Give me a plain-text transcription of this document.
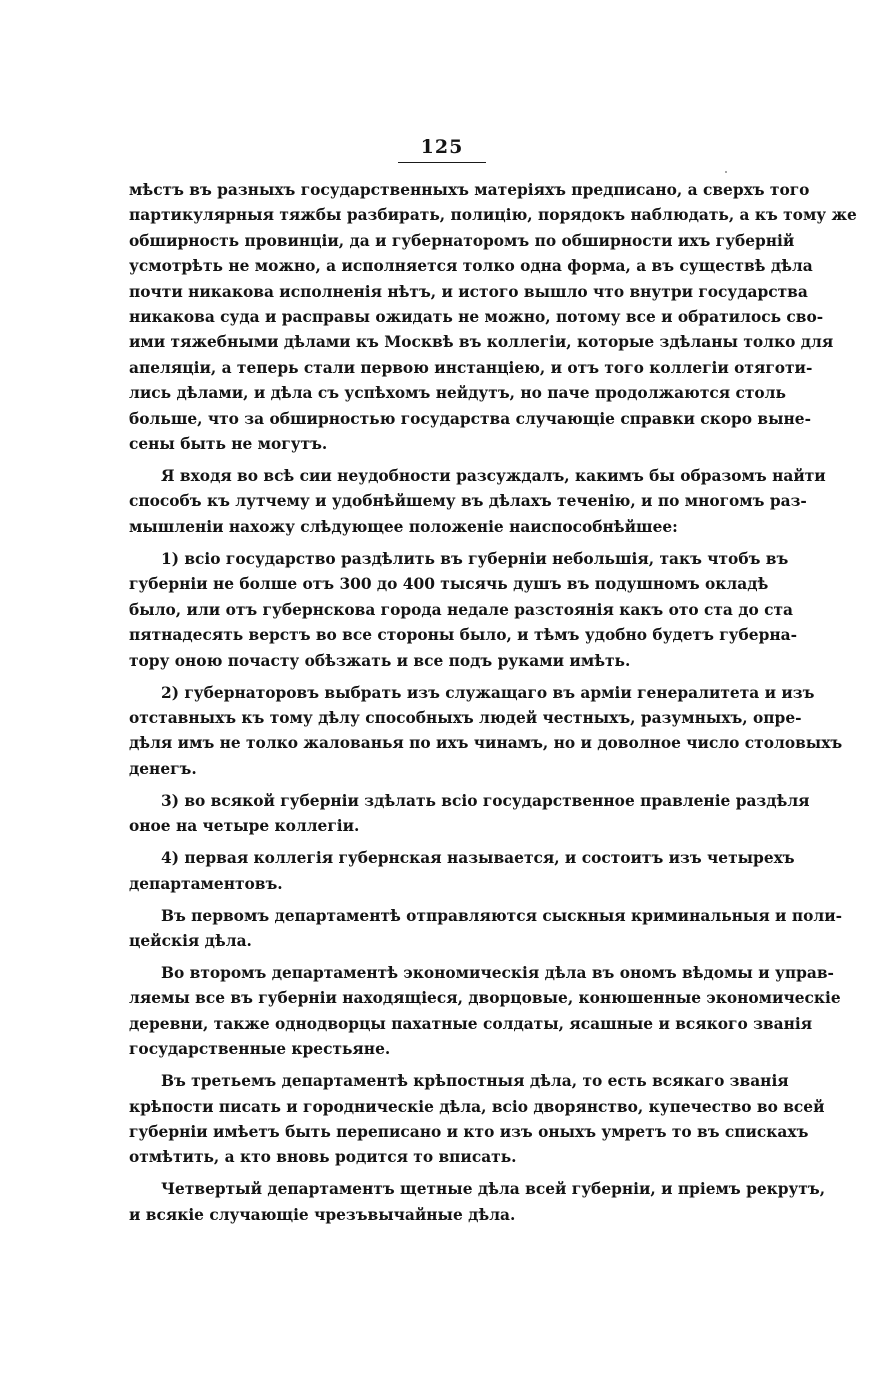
125

мѣстъ въ разныхъ государственныхъ матеріяхъ предписано, а сверхъ того
партикулярныя тяжбы разбирать, полицію, порядокъ наблюдать, а къ тому же
обширность провинціи, да и губернаторомъ по обширности ихъ губерній
усмотрѣть не можно, а исполняется толко одна форма, а въ существѣ дѣла
почти никакова исполненія нѣтъ, и истого вышло что внутри государства
никакова суда и расправы ожидать не можно, потому все и обратилось сво-
ими тяжебными дѣлами къ Москвѣ въ коллегіи, которые здѣланы толко для
апеляціи, а теперь стали первою инстанціею, и отъ того коллегіи отяготи-
лись дѣлами, и дѣла съ успѣхомъ нейдутъ, но паче продолжаются столь
больше, что за обширностью государства случающіе справки скоро вынe-
сены быть не могутъ.

Я входя во всѣ сии неудобности разсуждалъ, какимъ бы образомъ найти
способъ къ лутчему и удобнѣйшему въ дѣлахъ теченію, и по многомъ раз-
мышленіи нахожу слѣдующее положеніе наиспособнѣйшее:

1) всіо государство раздѣлить въ губерніи небольшія, такъ чтобъ въ
губерніи не болше отъ 300 до 400 тысячь душъ въ подушномъ окладѣ
было, или отъ губернскова города недале разстоянія какъ ото ста до ста
пятнадесять верстъ во все стороны было, и тѣмъ удобно будетъ губерна-
тору оною почасту обѣзжать и все подъ руками имѣть.

2) губернаторовъ выбрать изъ служащаго въ арміи генералитета и изъ
отставныхъ къ тому дѣлу способныхъ людей честныхъ, разумныхъ, опре-
дѣля имъ не толко жалованья по ихъ чинамъ, но и доволное число столовыхъ
денегъ.

3) во всякой губерніи здѣлать всіо государственное правленіе раздѣля
оное на четыре коллегіи.

4) первая коллегія губернская называется, и состоитъ изъ четырехъ
департаментовъ.

Въ первомъ департаментѣ отправляются сыскныя криминальныя и поли-
цейскія дѣла.

Во второмъ департаментѣ экономическія дѣла въ ономъ вѣдомы и управ-
ляемы все въ губерніи находящіеся, дворцовые, конюшенные экономическіе
деревни, также однодворцы пахатные солдаты, ясашные и всякого званія
государственные крестьяне.

Въ третьемъ департаментѣ крѣпостныя дѣла, то есть всякаго званія
крѣпости писать и городническіе дѣла, всіо дворянство, купечество во всей
губерніи имѣетъ быть переписано и кто изъ оныхъ умретъ то въ спискахъ
отмѣтить, а кто вновь родится то вписать.

Четвертый департаментъ щетные дѣла всей губерніи, и пріемъ рекрутъ,
и всякіе случающіе чрезъвычайные дѣла.
